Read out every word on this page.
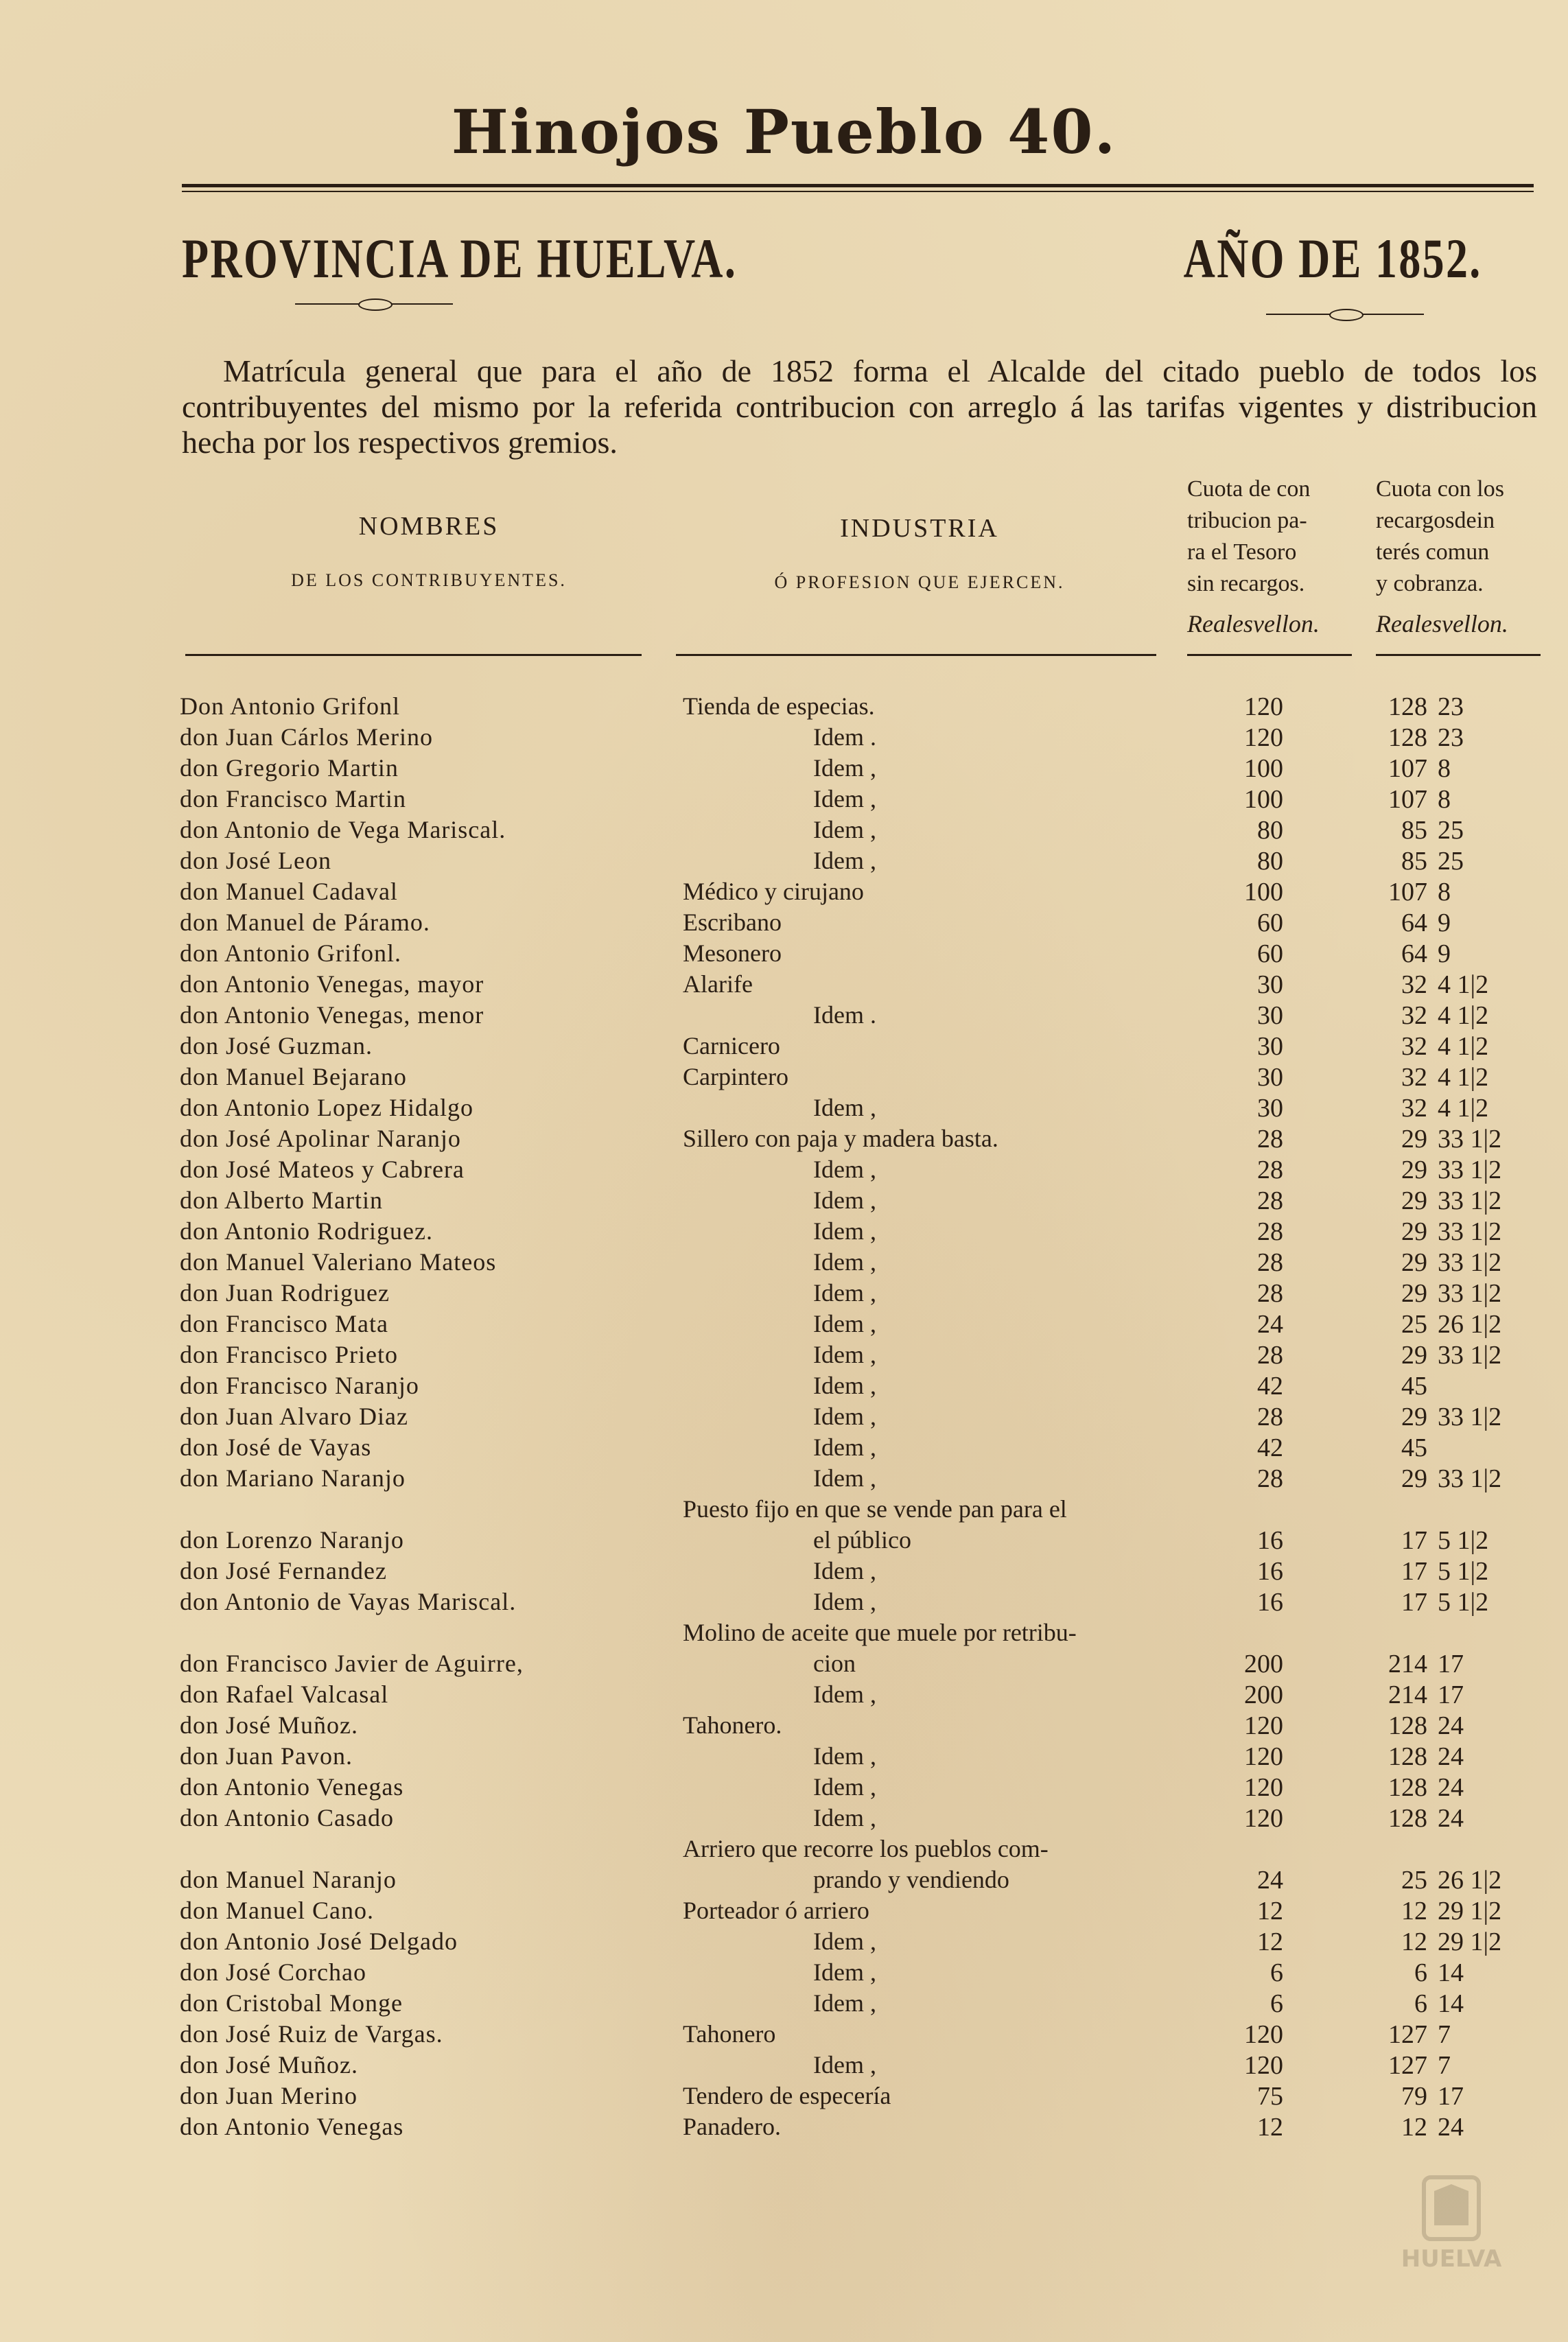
Hinojos Pueblo 40.
PROVINCIA DE HUELVA.	AÑO DE 1852.
Matrícula general que para el año de 1852 forma el Alcalde del citado pueblo de todos los contribuyentes del mismo por la referida contribucion con arreglo á las tarifas vigentes y distribucion hecha por los respectivos gremios.
NOMBRES
DE LOS CONTRIBUYENTES.
INDUSTRIA
Ó PROFESION QUE EJERCEN.
Cuota de con
tribucion pa-
ra el Tesoro
sin recargos.
Realesvellon.
Cuota con los
recargosdein
terés comun
y cobranza.
Realesvellon.
Don Antonio Grifonl	Tienda de especias.	120	128 23
don Juan Cárlos Merino	Idem .	120	128 23
don Gregorio Martin	Idem ,	100	107 8
don Francisco Martin	Idem ,	100	107 8
don Antonio de Vega Mariscal.	Idem ,	80	85 25
don José Leon	Idem ,	80	85 25
don Manuel Cadaval	Médico y cirujano	100	107 8
don Manuel de Páramo.	Escribano	60	64 9
don Antonio Grifonl.	Mesonero	60	64 9
don Antonio Venegas, mayor	Alarife	30	32 4 1|2
don Antonio Venegas, menor	Idem .	30	32 4 1|2
don José Guzman.	Carnicero	30	32 4 1|2
don Manuel Bejarano	Carpintero	30	32 4 1|2
don Antonio Lopez Hidalgo	Idem ,	30	32 4 1|2
don José Apolinar Naranjo	Sillero con paja y madera basta.	28	29 33 1|2
don José Mateos y Cabrera	Idem ,	28	29 33 1|2
don Alberto Martin	Idem ,	28	29 33 1|2
don Antonio Rodriguez.	Idem ,	28	29 33 1|2
don Manuel Valeriano Mateos	Idem ,	28	29 33 1|2
don Juan Rodriguez	Idem ,	28	29 33 1|2
don Francisco Mata	Idem ,	24	25 26 1|2
don Francisco Prieto	Idem ,	28	29 33 1|2
don Francisco Naranjo	Idem ,	42	45
don Juan Alvaro Diaz	Idem ,	28	29 33 1|2
don José de Vayas	Idem ,	42	45
don Mariano Naranjo	Idem ,	28	29 33 1|2
Puesto fijo en que se vende pan para el
don Lorenzo Naranjo	el público	16	17 5 1|2
don José Fernandez	Idem ,	16	17 5 1|2
don Antonio de Vayas Mariscal.	Idem ,	16	17 5 1|2
Molino de aceite que muele por retribu-
don Francisco Javier de Aguirre,	cion	200	214 17
don Rafael Valcasal	Idem ,	200	214 17
don José Muñoz.	Tahonero.	120	128 24
don Juan Pavon.	Idem ,	120	128 24
don Antonio Venegas	Idem ,	120	128 24
don Antonio Casado	Idem ,	120	128 24
Arriero que recorre los pueblos com-
don Manuel Naranjo	prando y vendiendo	24	25 26 1|2
don Manuel Cano.	Porteador ó arriero	12	12 29 1|2
don Antonio José Delgado	Idem ,	12	12 29 1|2
don José Corchao	Idem ,	6	6 14
don Cristobal Monge	Idem ,	6	6 14
don José Ruiz de Vargas.	Tahonero	120	127 7
don José Muñoz.	Idem ,	120	127 7
don Juan Merino	Tendero de especería	75	79 17
don Antonio Venegas	Panadero.	12	12 24
HUELVA
